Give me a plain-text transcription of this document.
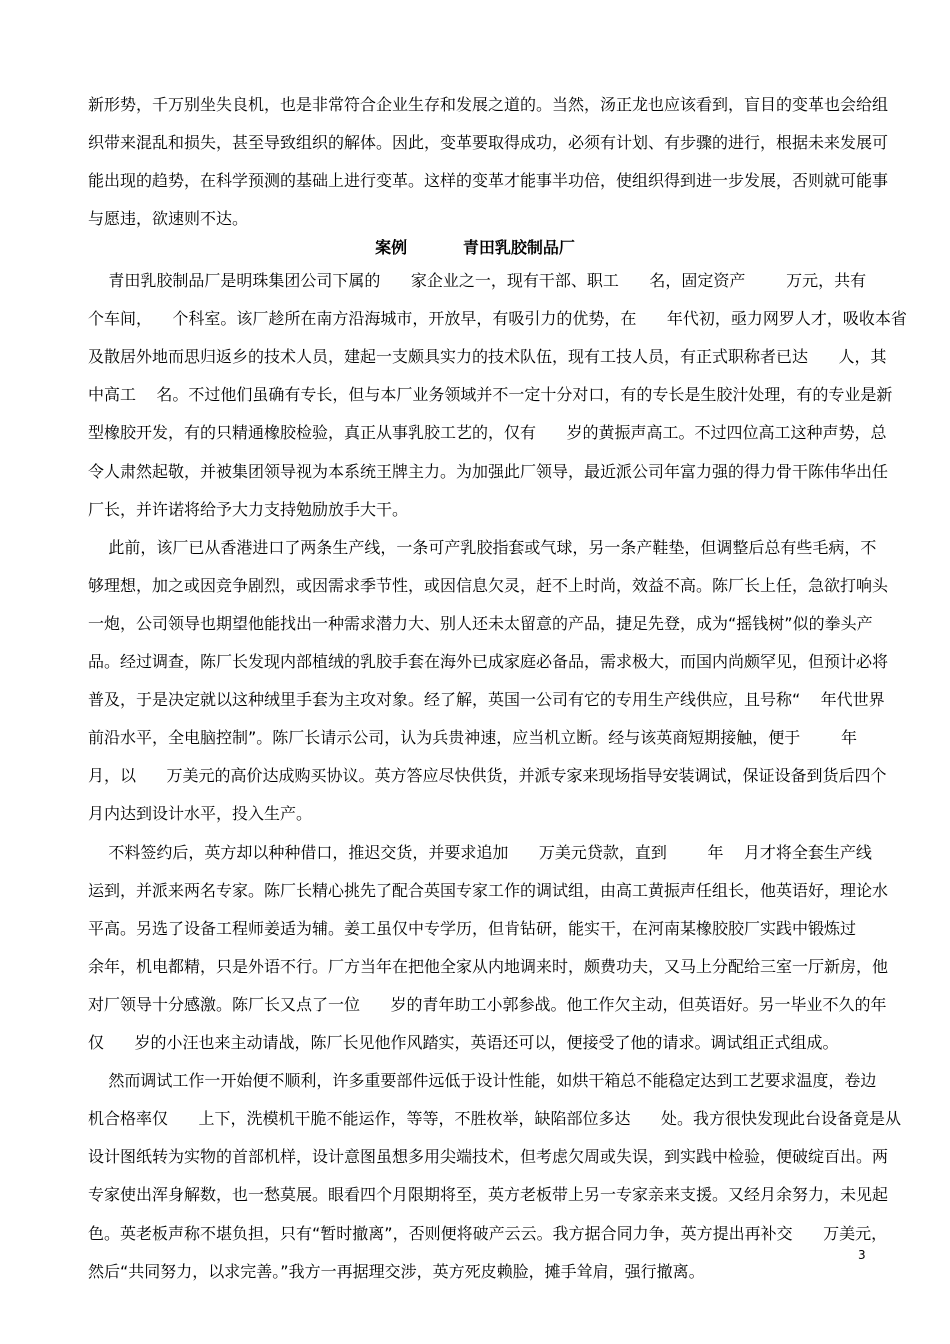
新形势，千万别坐失良机，也是非常符合企业生存和发展之道的。当然，汤正龙也应该看到，盲目的变革也会给组
织带来混乱和损失，甚至导致组织的解体。因此，变革要取得成功，必须有计划、有步骤的进行，根据未来发展可
能出现的趋势，在科学预测的基础上进行变革。这样的变革才能事半功倍，使组织得到进一步发展，否则就可能事
与愿违，欲速则不达。
案例          青田乳胶制品厂
青田乳胶制品厂是明珠集团公司下属的      家企业之一，现有干部、职工      名，固定资产        万元，共有
个车间，    个科室。该厂趁所在南方沿海城市，开放早，有吸引力的优势，在      年代初，亟力网罗人才，吸收本省
及散居外地而思归返乡的技术人员，建起一支颇具实力的技术队伍，现有工技人员，有正式职称者已达      人，其
中高工    名。不过他们虽确有专长，但与本厂业务领域并不一定十分对口，有的专长是生胶汁处理，有的专业是新
型橡胶开发，有的只精通橡胶检验，真正从事乳胶工艺的，仅有      岁的黄振声高工。不过四位高工这种声势，总
令人肃然起敬，并被集团领导视为本系统王牌主力。为加强此厂领导，最近派公司年富力强的得力骨干陈伟华出任
厂长，并许诺将给予大力支持勉励放手大干。
此前，该厂已从香港进口了两条生产线，一条可产乳胶指套或气球，另一条产鞋垫，但调整后总有些毛病，不
够理想，加之或因竞争剧烈，或因需求季节性，或因信息欠灵，赶不上时尚，效益不高。陈厂长上任，急欲打响头
一炮，公司领导也期望他能找出一种需求潜力大、别人还未太留意的产品，捷足先登，成为“摇钱树”似的拳头产
品。经过调查，陈厂长发现内部植绒的乳胶手套在海外已成家庭必备品，需求极大，而国内尚颇罕见，但预计必将
普及，于是决定就以这种绒里手套为主攻对象。经了解，英国一公司有它的专用生产线供应，且号称“    年代世界
前沿水平，全电脑控制”。陈厂长请示公司，认为兵贵神速，应当机立断。经与该英商短期接触，便于        年
月，以      万美元的高价达成购买协议。英方答应尽快供货，并派专家来现场指导安装调试，保证设备到货后四个
月内达到设计水平，投入生产。
不料签约后，英方却以种种借口，推迟交货，并要求追加      万美元贷款，直到        年    月才将全套生产线
运到，并派来两名专家。陈厂长精心挑先了配合英国专家工作的调试组，由高工黄振声任组长，他英语好，理论水
平高。另选了设备工程师姜适为辅。姜工虽仅中专学历，但肯钻研，能实干，在河南某橡胶胶厂实践中锻炼过
余年，机电都精，只是外语不行。厂方当年在把他全家从内地调来时，颇费功夫，又马上分配给三室一厅新房，他
对厂领导十分感激。陈厂长又点了一位      岁的青年助工小郭参战。他工作欠主动，但英语好。另一毕业不久的年
仅      岁的小汪也来主动请战，陈厂长见他作风踏实，英语还可以，便接受了他的请求。调试组正式组成。
然而调试工作一开始便不顺利，许多重要部件远低于设计性能，如烘干箱总不能稳定达到工艺要求温度，卷边
机合格率仅      上下，洗模机干脆不能运作，等等，不胜枚举，缺陷部位多达      处。我方很快发现此台设备竟是从
设计图纸转为实物的首部机样，设计意图虽想多用尖端技术，但考虑欠周或失误，到实践中检验，便破绽百出。两
专家使出浑身解数，也一愁莫展。眼看四个月限期将至，英方老板带上另一专家亲来支援。又经月余努力，未见起
色。英老板声称不堪负担，只有“暂时撤离”，否则便将破产云云。我方据合同力争，英方提出再补交      万美元，
然后“共同努力，以求完善。”我方一再据理交涉，英方死皮赖脸，摊手耸肩，强行撤离。
3
